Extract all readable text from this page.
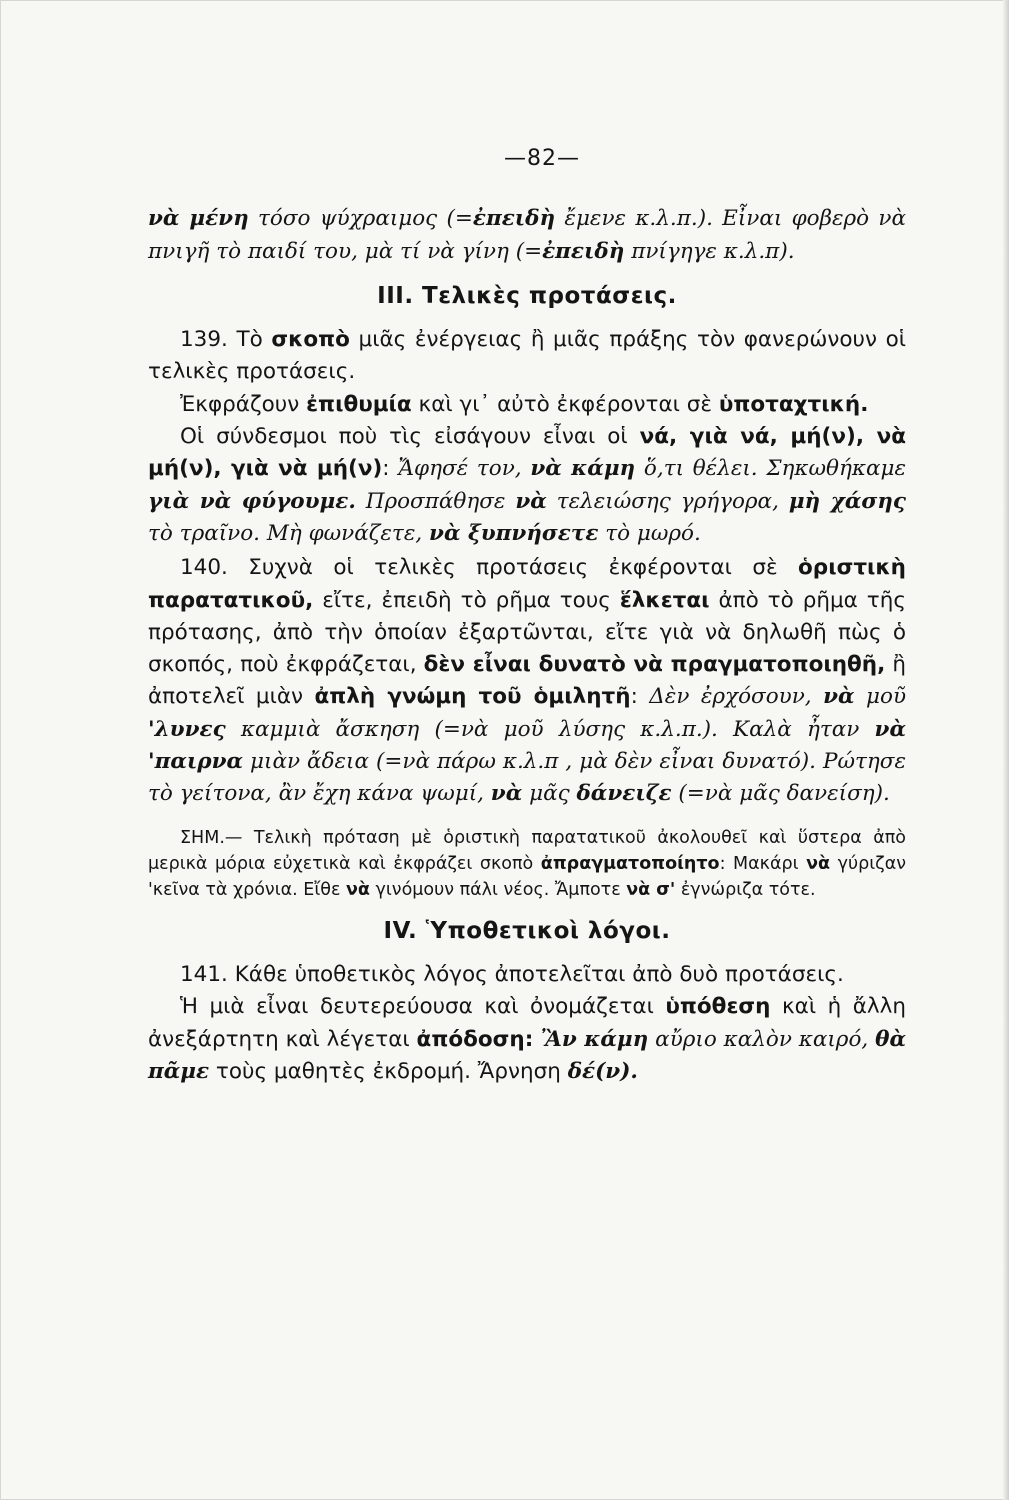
—82—

νὰ μένη τόσο ψύχραιμος (=ἐπειδὴ ἔμενε κ.λ.π.). Εἶναι φοβερὸ νὰ πνιγῆ τὸ παιδί του, μὰ τί νὰ γίνη (=ἐπειδὴ πνίγηγε κ.λ.π).

III. Τελικὲς προτάσεις.

139. Τὸ σκοπὸ μιᾶς ἐνέργειας ἢ μιᾶς πράξης τὸν φανερώνουν οἱ τελικὲς προτάσεις.

Ἐκφράζουν ἐπιθυμία καὶ γι᾽ αὐτὸ ἐκφέρονται σὲ ὑποταχτική.

Οἱ σύνδεσμοι ποὺ τὶς εἰσάγουν εἶναι οἱ νά, γιὰ νά, μή(ν), νὰ μή(ν), γιὰ νὰ μή(ν): Ἄφησέ τον, νὰ κάμη ὅ,τι θέλει. Σηκωθήκαμε γιὰ νὰ φύγουμε. Προσπάθησε νὰ τελειώσης γρήγορα, μὴ χάσης τὸ τραῖνο. Μὴ φωνάζετε, νὰ ξυπνήσετε τὸ μωρό.

140. Συχνὰ οἱ τελικὲς προτάσεις ἐκφέρονται σὲ ὁριστικὴ παρατατικοῦ, εἴτε, ἐπειδὴ τὸ ρῆμα τους ἕλκεται ἀπὸ τὸ ρῆμα τῆς πρότασης, ἀπὸ τὴν ὁποίαν ἐξαρτῶνται, εἴτε γιὰ νὰ δηλωθῆ πὼς ὁ σκοπός, ποὺ ἐκφράζεται, δὲν εἶναι δυνατὸ νὰ πραγματοποιηθῆ, ἢ ἀποτελεῖ μιὰν ἀπλὴ γνώμη τοῦ ὁμιλητῆ: Δὲν ἐρχόσουν, νὰ μοῦ 'λυνες καμμιὰ ἄσκηση (=νὰ μοῦ λύσης κ.λ.π.). Καλὰ ἦταν νὰ 'παιρνα μιὰν ἄδεια (=νὰ πάρω κ.λ.π , μὰ δὲν εἶναι δυνατό). Ρώτησε τὸ γείτονα, ἂν ἔχη κάνα ψωμί, νὰ μᾶς δάνειζε (=νὰ μᾶς δανείση).

ΣΗΜ.— Τελικὴ πρόταση μὲ ὁριστικὴ παρατατικοῦ ἀκολουθεῖ καὶ ὕστερα ἀπὸ μερικὰ μόρια εὐχετικὰ καὶ ἐκφράζει σκοπὸ ἀπραγματοποίητο: Μακάρι νὰ γύριζαν 'κεῖνα τὰ χρόνια. Εἴθε νὰ γινόμουν πάλι νέος. Ἄμποτε νὰ σ' ἐγνώριζα τότε.

IV. Ὑποθετικοὶ λόγοι.

141. Κάθε ὑποθετικὸς λόγος ἀποτελεῖται ἀπὸ δυὸ προτάσεις.

Ἡ μιὰ εἶναι δευτερεύουσα καὶ ὀνομάζεται ὑπόθεση καὶ ἡ ἄλλη ἀνεξάρτητη καὶ λέγεται ἀπόδοση: Ἂν κάμη αὔριο καλὸν καιρό, θὰ πᾶμε τοὺς μαθητὲς ἐκδρομή. Ἄρνηση δέ(ν).
